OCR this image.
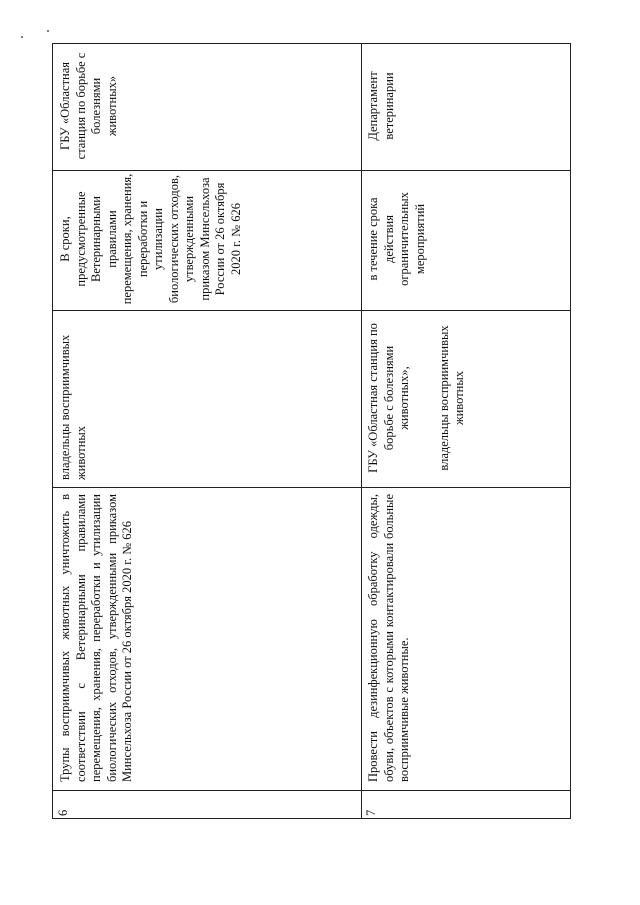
6
Трупы восприимчивых животных уничтожить в соответствии с Ветеринарными правилами перемещения, хранения, переработки и утилизации биологических отходов, утвержденными приказом Минсельхоза России от 26 октября 2020 г. № 626
владельцы восприимчивых животных
В сроки, предусмотренные Ветеринарными правилами перемещения, хранения, переработки и утилизации биологических отходов, утвержденными приказом Минсельхоза России от 26 октября 2020 г. № 626
ГБУ «Областная станция по борьбе с болезнями животных»
7
Провести дезинфекционную обработку одежды, обуви, объектов с которыми контактировали больные восприимчивые животные.
ГБУ «Областная станция по борьбе с болезнями животных», владельцы восприимчивых животных
в течение срока действия ограничительных мероприятий
Департамент ветеринарии
